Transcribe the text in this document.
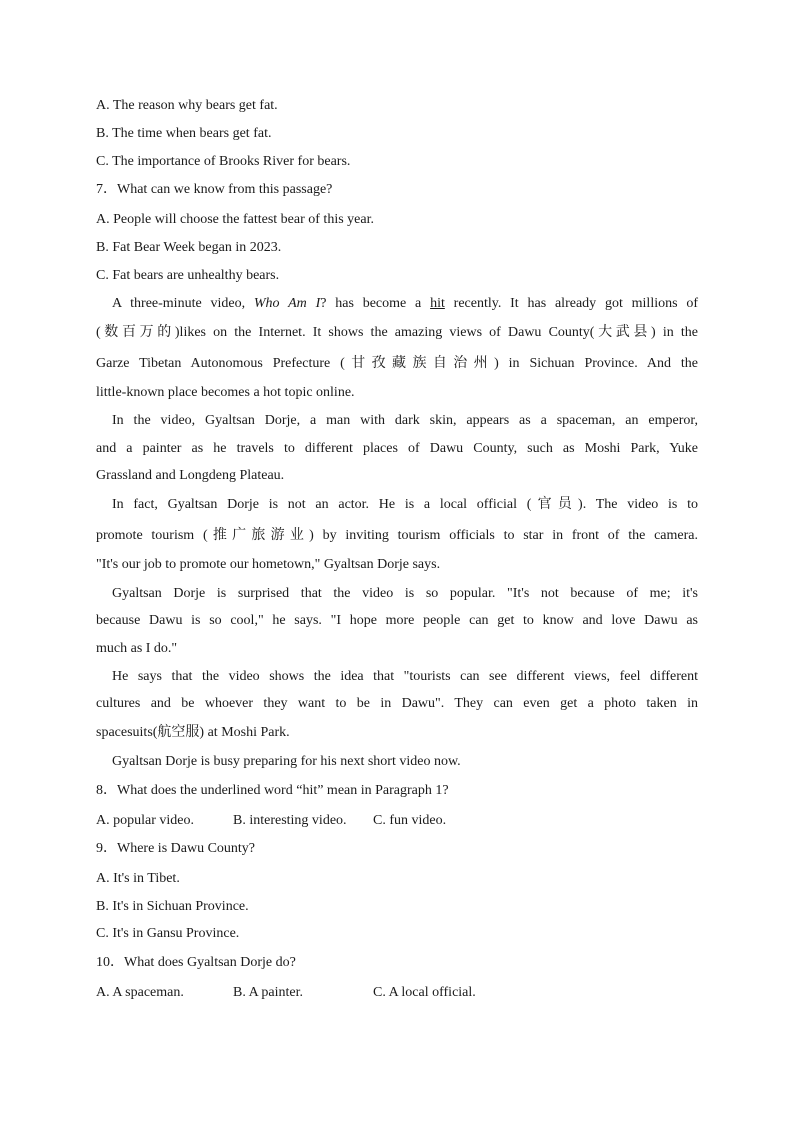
A. The reason why bears get fat.
B. The time when bears get fat.
C. The importance of Brooks River for bears.
7．What can we know from this passage?
A. People will choose the fattest bear of this year.
B. Fat Bear Week began in 2023.
C. Fat bears are unhealthy bears.
A three-minute video, Who Am I? has become a hit recently. It has already got millions of
(数百万的)likes on the Internet. It shows the amazing views of Dawu County(大武县) in the
Garze Tibetan Autonomous Prefecture (甘孜藏族自治州) in Sichuan Province. And the
little-known place becomes a hot topic online.
In the video, Gyaltsan Dorje, a man with dark skin, appears as a spaceman, an emperor,
and a painter as he travels to different places of Dawu County, such as Moshi Park, Yuke
Grassland and Longdeng Plateau.
In fact, Gyaltsan Dorje is not an actor. He is a local official (官员). The video is to
promote tourism (推广旅游业) by inviting tourism officials to star in front of the camera.
"It's our job to promote our hometown," Gyaltsan Dorje says.
Gyaltsan Dorje is surprised that the video is so popular. "It's not because of me; it's
because Dawu is so cool," he says. "I hope more people can get to know and love Dawu as
much as I do."
He says that the video shows the idea that "tourists can see different views, feel different
cultures and be whoever they want to be in Dawu". They can even get a photo taken in
spacesuits(航空服) at Moshi Park.
Gyaltsan Dorje is busy preparing for his next short video now.
8．What does the underlined word “hit” mean in Paragraph 1?
A. popular video.	B. interesting video. C. fun video.
9．Where is Dawu County?
A. It's in Tibet.
B. It's in Sichuan Province.
C. It's in Gansu Province.
10．What does Gyaltsan Dorje do?
A. A spaceman.	B. A painter.	C. A local official.
